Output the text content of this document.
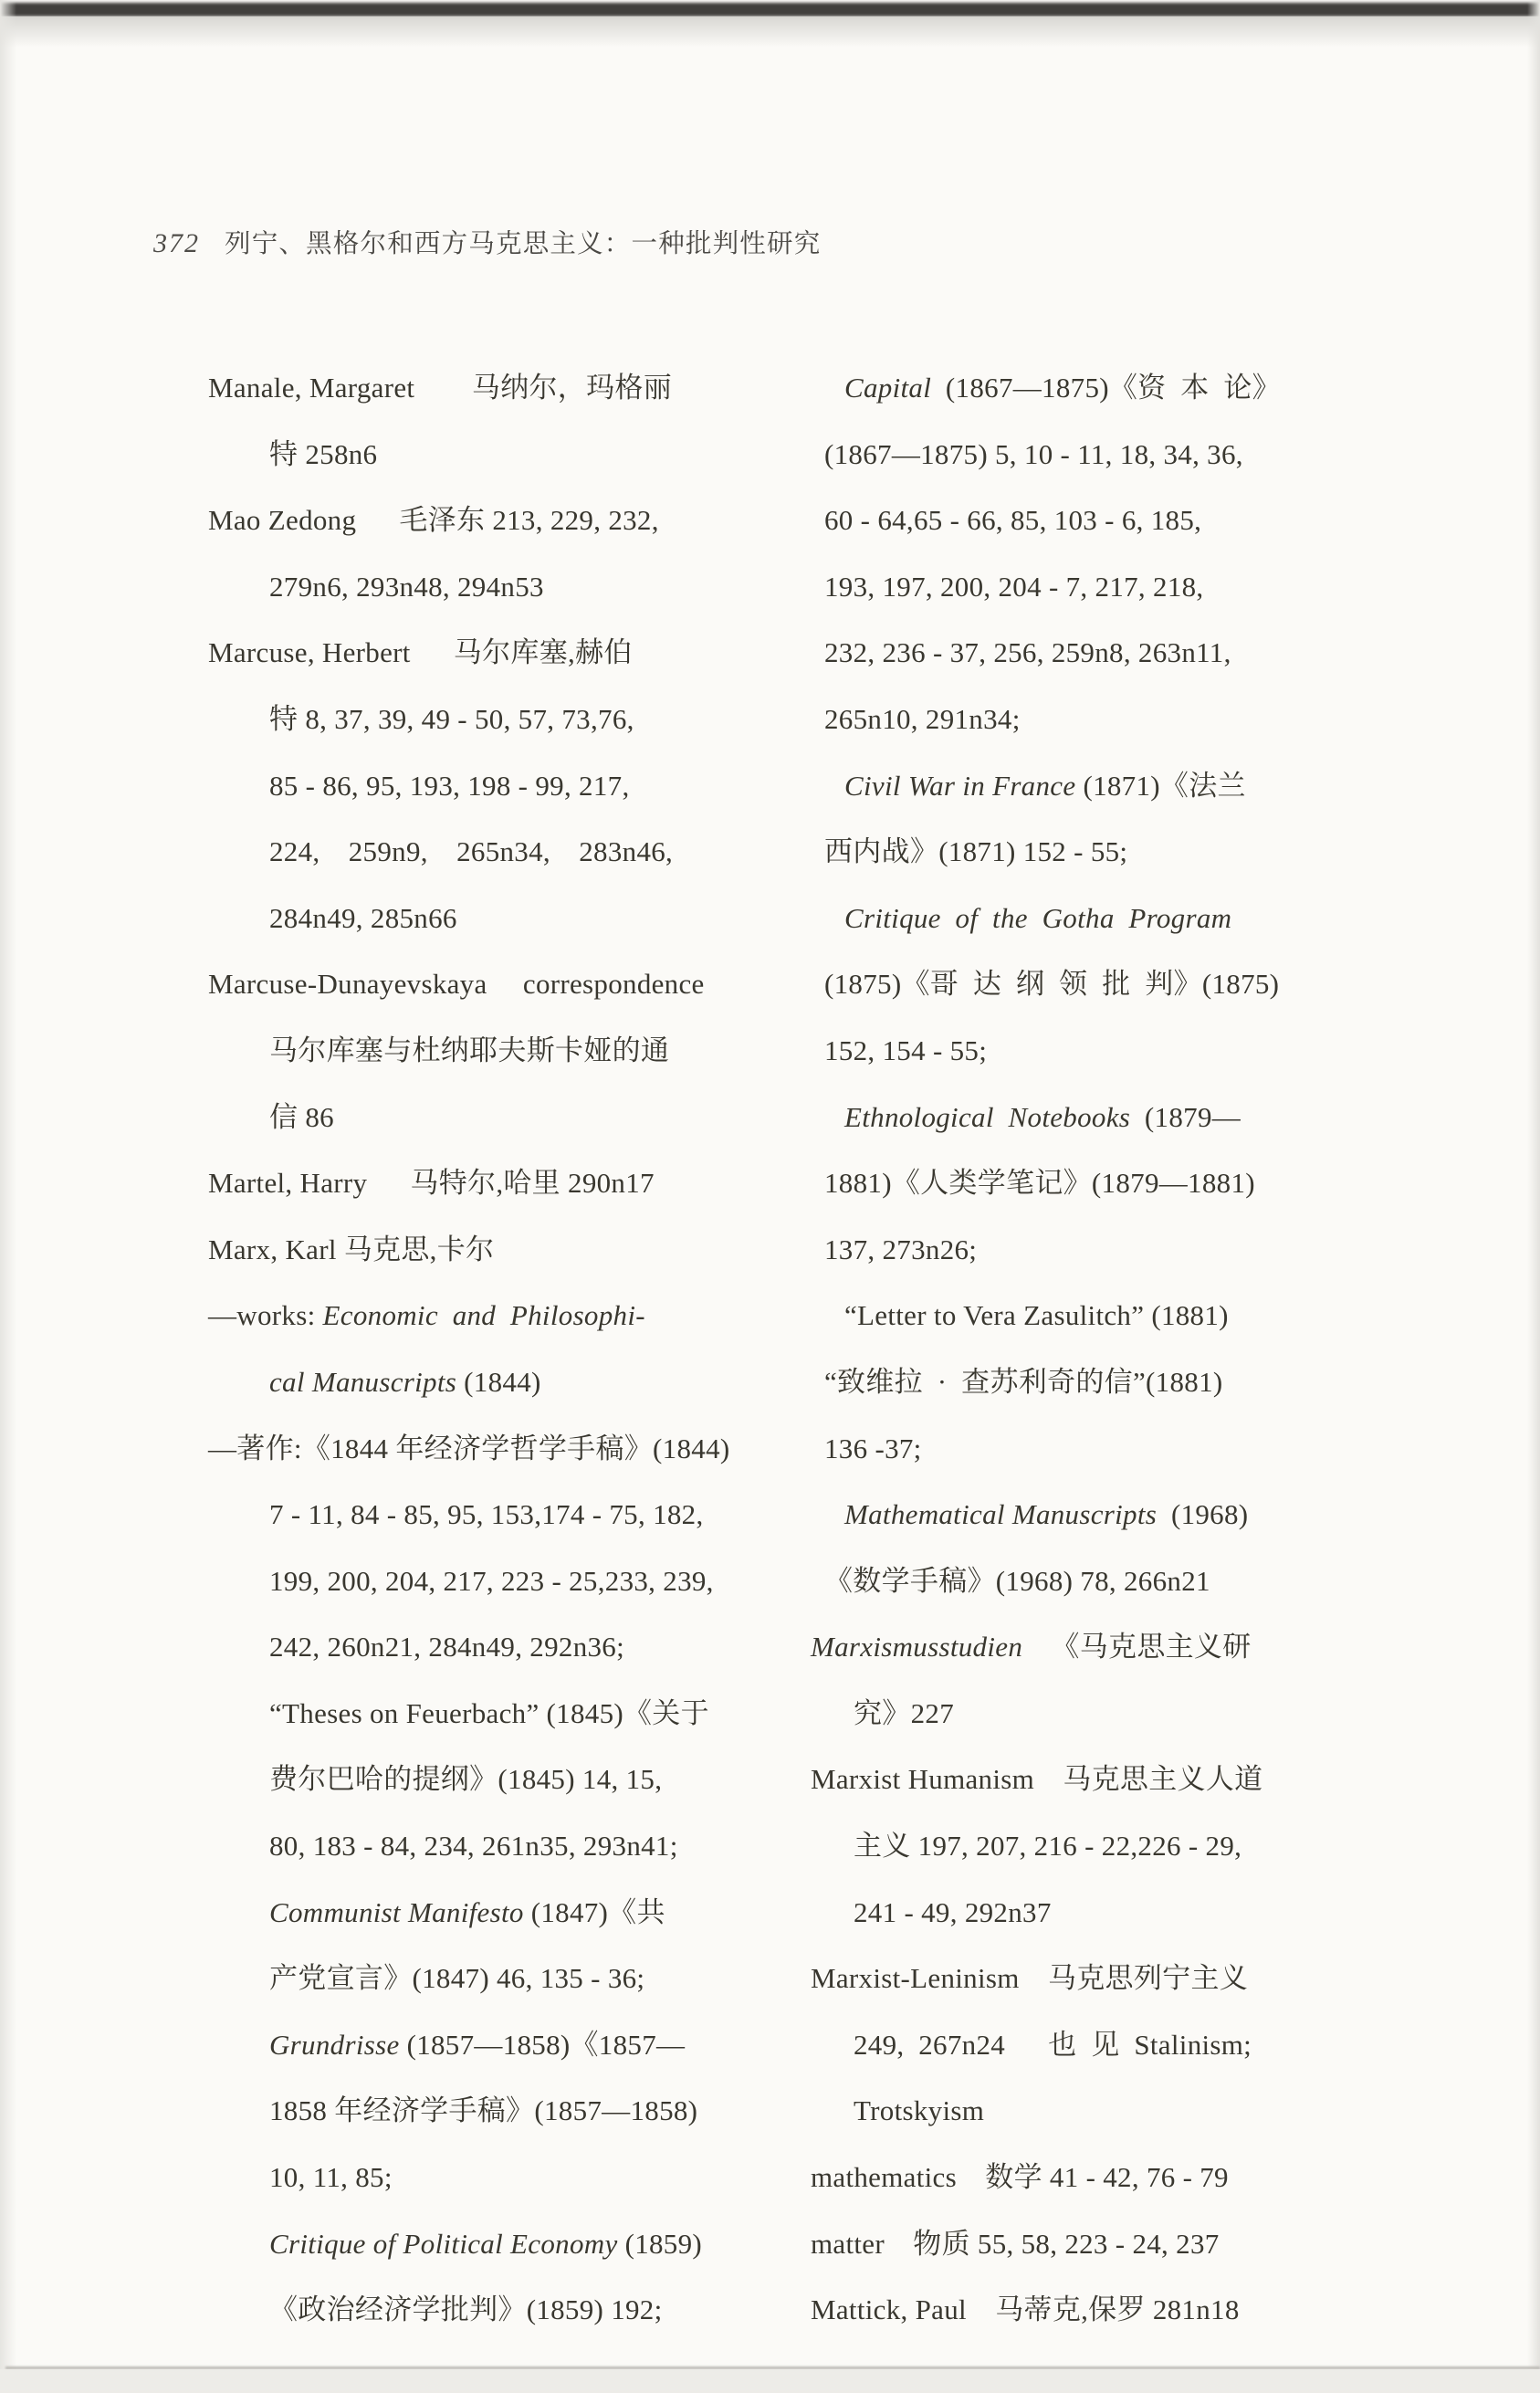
372 列宁、黑格尔和西方马克思主义：一种批判性研究

Manale, Margaret  马纳尔，玛格丽
特 258n6
Mao Zedong  毛泽东 213, 229, 232,
279n6, 293n48, 294n53
Marcuse, Herbert  马尔库塞,赫伯
特 8, 37, 39, 49 - 50, 57, 73,76,
85 - 86, 95, 193, 198 - 99, 217,
224, 259n9, 265n34, 283n46,
284n49, 285n66
Marcuse-Dunayevskaya  correspondence
马尔库塞与杜纳耶夫斯卡娅的通
信 86
Martel, Harry  马特尔,哈里 290n17
Marx, Karl 马克思,卡尔
—works: Economic and Philosophi-
cal Manuscripts (1844)
—著作:《1844 年经济学哲学手稿》(1844)
7 - 11, 84 - 85, 95, 153,174 - 75, 182,
199, 200, 204, 217, 223 - 25,233, 239,
242, 260n21, 284n49, 292n36;
“Theses on Feuerbach” (1845)《关于
费尔巴哈的提纲》(1845) 14, 15,
80, 183 - 84, 234, 261n35, 293n41;
Communist Manifesto (1847)《共
产党宣言》(1847) 46, 135 - 36;
Grundrisse (1857—1858)《1857—
1858 年经济学手稿》(1857—1858)
10, 11, 85;
Critique of Political Economy (1859)
《政治经济学批判》(1859) 192;
Capital (1867—1875)《资 本 论》
(1867—1875) 5, 10 - 11, 18, 34, 36,
60 - 64,65 - 66, 85, 103 - 6, 185,
193, 197, 200, 204 - 7, 217, 218,
232, 236 - 37, 256, 259n8, 263n11,
265n10, 291n34;
Civil War in France (1871)《法兰
西内战》(1871) 152 - 55;
Critique of the Gotha Program
(1875)《哥 达 纲 领 批 判》(1875)
152, 154 - 55;
Ethnological Notebooks (1879—
1881)《人类学笔记》(1879—1881)
137, 273n26;
“Letter to Vera Zasulitch” (1881)
“致维拉 · 查苏利奇的信”(1881)
136 -37;
Mathematical Manuscripts (1968)
《数学手稿》(1968) 78, 266n21
Marxismusstudien 《马克思主义研
究》227
Marxist Humanism 马克思主义人道
主义 197, 207, 216 - 22,226 - 29,
241 - 49, 292n37
Marxist-Leninism 马克思列宁主义
249, 267n24  也 见 Stalinism;
Trotskyism
mathematics 数学 41 - 42, 76 - 79
matter 物质 55, 58, 223 - 24, 237
Mattick, Paul 马蒂克,保罗 281n18
